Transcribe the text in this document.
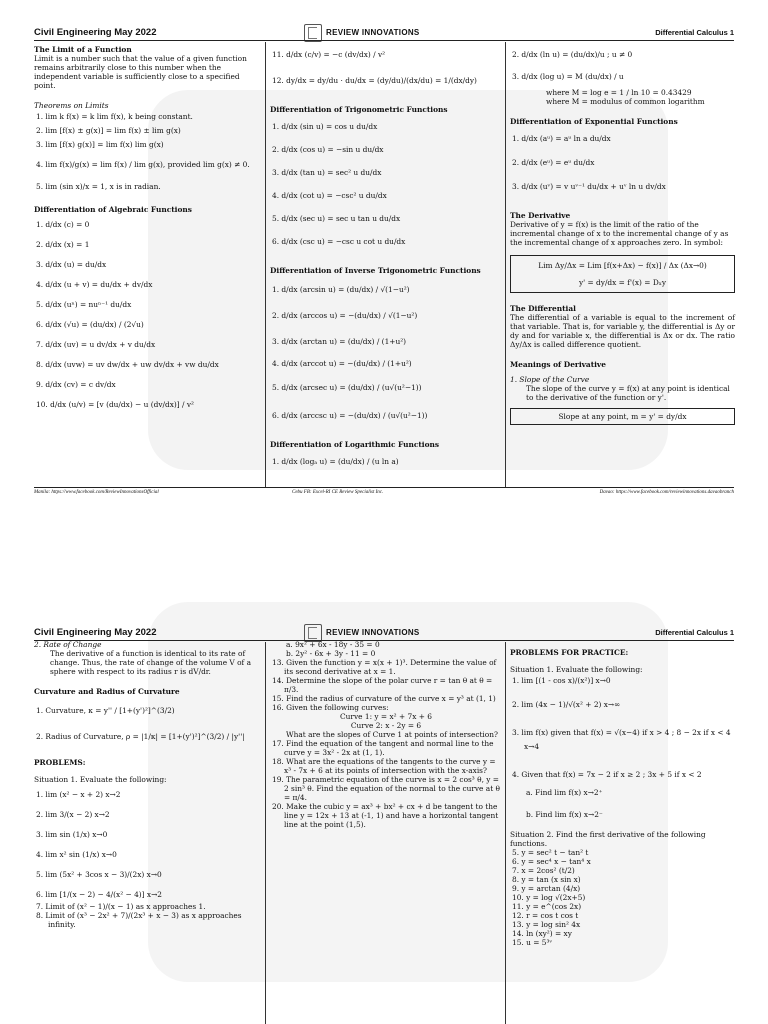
Civil Engineering May 2022	REVIEW INNOVATIONS	Differential Calculus 1
The Limit of a Function
Limit is a number such that the value of a given function remains arbitrarily close to this number when the independent variable is sufficiently close to a specified point.
Theorems on Limits
1. lim k f(x) = k lim f(x), k being constant.
2. lim [f(x) ± g(x)] = lim f(x) ± lim g(x)
3. lim [f(x) g(x)] = lim f(x) lim g(x)
4. lim f(x)/g(x) = lim f(x) / lim g(x), provided lim g(x) ≠ 0.
5. lim (sin x)/x = 1, x is in radian.
Differentiation of Algebraic Functions
1. d/dx (c) = 0
2. d/dx (x) = 1
3. d/dx (u) = du/dx
4. d/dx (u + v) = du/dx + dv/dx
5. d/dx (uⁿ) = nuⁿ⁻¹ du/dx
6. d/dx (√u) = (du/dx) / (2√u)
7. d/dx (uv) = u dv/dx + v du/dx
8. d/dx (uvw) = uv dw/dx + uw dv/dx + vw du/dx
9. d/dx (cv) = c dv/dx
10. d/dx (u/v) = [v (du/dx) − u (dv/dx)] / v²
11. d/dx (c/v) = −c (dv/dx) / v²
12. dy/dx = dy/du · du/dx = (dy/du)/(dx/du) = 1/(dx/dy)
Differentiation of Trigonometric Functions
1. d/dx (sin u) = cos u du/dx
2. d/dx (cos u) = −sin u du/dx
3. d/dx (tan u) = sec² u du/dx
4. d/dx (cot u) = −csc² u du/dx
5. d/dx (sec u) = sec u tan u du/dx
6. d/dx (csc u) = −csc u cot u du/dx
Differentiation of Inverse Trigonometric Functions
1. d/dx (arcsin u) = (du/dx) / √(1−u²)
2. d/dx (arccos u) = −(du/dx) / √(1−u²)
3. d/dx (arctan u) = (du/dx) / (1+u²)
4. d/dx (arccot u) = −(du/dx) / (1+u²)
5. d/dx (arcsec u) = (du/dx) / (u√(u²−1))
6. d/dx (arccsc u) = −(du/dx) / (u√(u²−1))
Differentiation of Logarithmic Functions
1. d/dx (logₐ u) = (du/dx) / (u ln a)
2. d/dx (ln u) = (du/dx)/u ; u ≠ 0
3. d/dx (log u) = M (du/dx) / u
where M = log e = 1 / ln 10 = 0.43429
where M = modulus of common logarithm
Differentiation of Exponential Functions
1. d/dx (aᵘ) = aᵘ ln a du/dx
2. d/dx (eᵘ) = eᵘ du/dx
3. d/dx (uᵛ) = v uᵛ⁻¹ du/dx + uᵛ ln u dv/dx
The Derivative
Derivative of y = f(x) is the limit of the ratio of the incremental change of x to the incremental change of y as the incremental change of x approaches zero. In symbol:
Lim Δy/Δx = Lim [f(x+Δx) − f(x)] / Δx (Δx→0)
y' = dy/dx = f'(x) = Dₓy
The Differential
The differential of a variable is equal to the increment of that variable. That is, for variable y, the differential is Δy or dy and for variable x, the differential is Δx or dx. The ratio Δy/Δx is called difference quotient.
Meanings of Derivative
1. Slope of the Curve
The slope of the curve y = f(x) at any point is identical to the derivative of the function or y'.
Slope at any point, m = y' = dy/dx
Manila: https://www.facebook.com/ReviewInnovationsOfficial	Cebu FB: Excel-RI CE Review Specialist Inc.	Davao: https://www.facebook.com/reviewinnovations.davaobranch
Civil Engineering May 2022	REVIEW INNOVATIONS	Differential Calculus 1
2. Rate of Change
The derivative of a function is identical to its rate of change. Thus, the rate of change of the volume V of a sphere with respect to its radius r is dV/dr.
Curvature and Radius of Curvature
1. Curvature, κ = y'' / [1+(y')²]^(3/2)
2. Radius of Curvature, ρ = |1/κ| = [1+(y')²]^(3/2) / |y''|
PROBLEMS:
Situation 1. Evaluate the following:
1. lim (x² − x + 2) x→2
2. lim 3/(x − 2) x→2
3. lim sin (1/x) x→0
4. lim x² sin (1/x) x→0
5. lim (5x² + 3cos x − 3)/(2x) x→0
6. lim [1/(x − 2) − 4/(x² − 4)] x→2
7. Limit of (x² − 1)/(x − 1) as x approaches 1.
8. Limit of (x³ − 2x² + 7)/(2x³ + x − 3) as x approaches infinity.
a. 9x² + 6x - 18y - 35 = 0
b. 2y² - 6x + 3y - 11 = 0
13. Given the function y = x(x + 1)³. Determine the value of its second derivative at x = 1.
14. Determine the slope of the polar curve r = tan θ at θ = π/3.
15. Find the radius of curvature of the curve x = y³ at (1, 1)
16. Given the following curves:
Curve 1: y = x² + 7x + 6
Curve 2: x - 2y = 6
What are the slopes of Curve 1 at points of intersection?
17. Find the equation of the tangent and normal line to the curve y = 3x² - 2x at (1, 1).
18. What are the equations of the tangents to the curve y = x³ - 7x + 6 at its points of intersection with the x-axis?
19. The parametric equation of the curve is x = 2 cos³ θ, y = 2 sin³ θ. Find the equation of the normal to the curve at θ = π/4.
20. Make the cubic y = ax³ + bx² + cx + d be tangent to the line y = 12x + 13 at (-1, 1) and have a horizontal tangent line at the point (1,5).
PROBLEMS FOR PRACTICE:
Situation 1. Evaluate the following:
1. lim [(1 - cos x)/(x²)] x→0
2. lim (4x − 1)/√(x² + 2) x→∞
3. lim f(x) given that f(x) = √(x−4) if x > 4 ; 8 − 2x if x < 4 x→4
4. Given that f(x) = 7x − 2 if x ≥ 2 ; 3x + 5 if x < 2
a. Find lim f(x) x→2⁺
b. Find lim f(x) x→2⁻
Situation 2. Find the first derivative of the following functions.
5. y = sec² t − tan² t
6. y = sec⁴ x − tan⁴ x
7. x = 2cos² (t/2)
8. y = tan (x sin x)
9. y = arctan (4/x)
10. y = log √(2x+5)
11. y = e^(cos 2x)
12. r = cos t cos t
13. y = log sin² 4x
14. ln (xy²) = xy
15. u = 5³ᵛ
